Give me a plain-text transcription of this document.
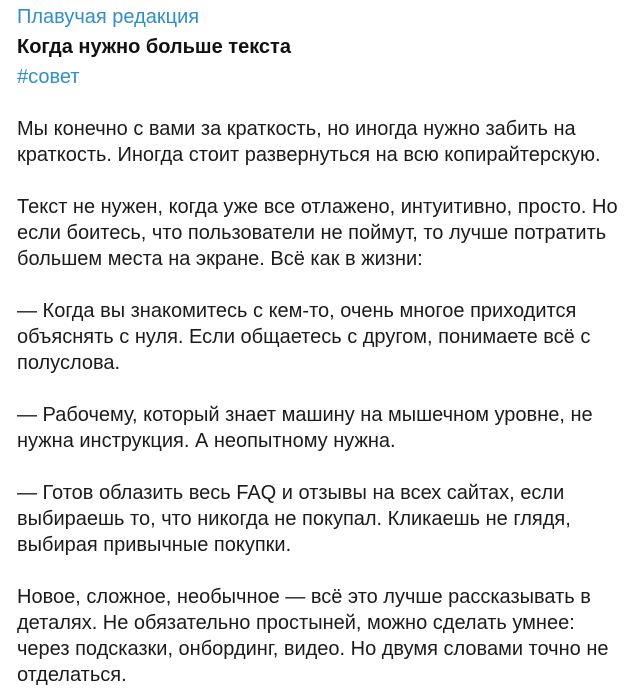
Плавучая редакция
Когда нужно больше текста
#совет

Мы конечно с вами за краткость, но иногда нужно забить на краткость. Иногда стоит развернуться на всю копирайтерскую.

Текст не нужен, когда уже все отлажено, интуитивно, просто. Но если боитесь, что пользователи не поймут, то лучше потратить большем места на экране. Всё как в жизни:

— Когда вы знакомитесь с кем-то, очень многое приходится объяснять с нуля. Если общаетесь с другом, понимаете всё с полуслова.

— Рабочему, который знает машину на мышечном уровне, не нужна инструкция. А неопытному нужна.

— Готов облазить весь FAQ и отзывы на всех сайтах, если выбираешь то, что никогда не покупал. Кликаешь не глядя, выбирая привычные покупки.

Новое, сложное, необычное — всё это лучше рассказывать в деталях. Не обязательно простыней, можно сделать умнее: через подсказки, онбординг, видео. Но двумя словами точно не отделаться.
